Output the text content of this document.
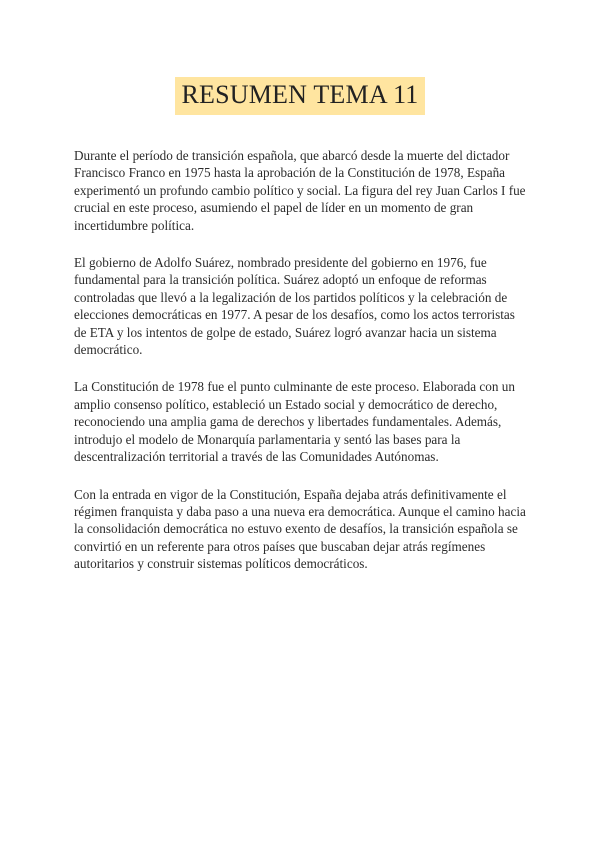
RESUMEN TEMA 11

Durante el período de transición española, que abarcó desde la muerte del dictador Francisco Franco en 1975 hasta la aprobación de la Constitución de 1978, España experimentó un profundo cambio político y social. La figura del rey Juan Carlos I fue crucial en este proceso, asumiendo el papel de líder en un momento de gran incertidumbre política.

El gobierno de Adolfo Suárez, nombrado presidente del gobierno en 1976, fue fundamental para la transición política. Suárez adoptó un enfoque de reformas controladas que llevó a la legalización de los partidos políticos y la celebración de elecciones democráticas en 1977. A pesar de los desafíos, como los actos terroristas de ETA y los intentos de golpe de estado, Suárez logró avanzar hacia un sistema democrático.

La Constitución de 1978 fue el punto culminante de este proceso. Elaborada con un amplio consenso político, estableció un Estado social y democrático de derecho, reconociendo una amplia gama de derechos y libertades fundamentales. Además, introdujo el modelo de Monarquía parlamentaria y sentó las bases para la descentralización territorial a través de las Comunidades Autónomas.

Con la entrada en vigor de la Constitución, España dejaba atrás definitivamente el régimen franquista y daba paso a una nueva era democrática. Aunque el camino hacia la consolidación democrática no estuvo exento de desafíos, la transición española se convirtió en un referente para otros países que buscaban dejar atrás regímenes autoritarios y construir sistemas políticos democráticos.
